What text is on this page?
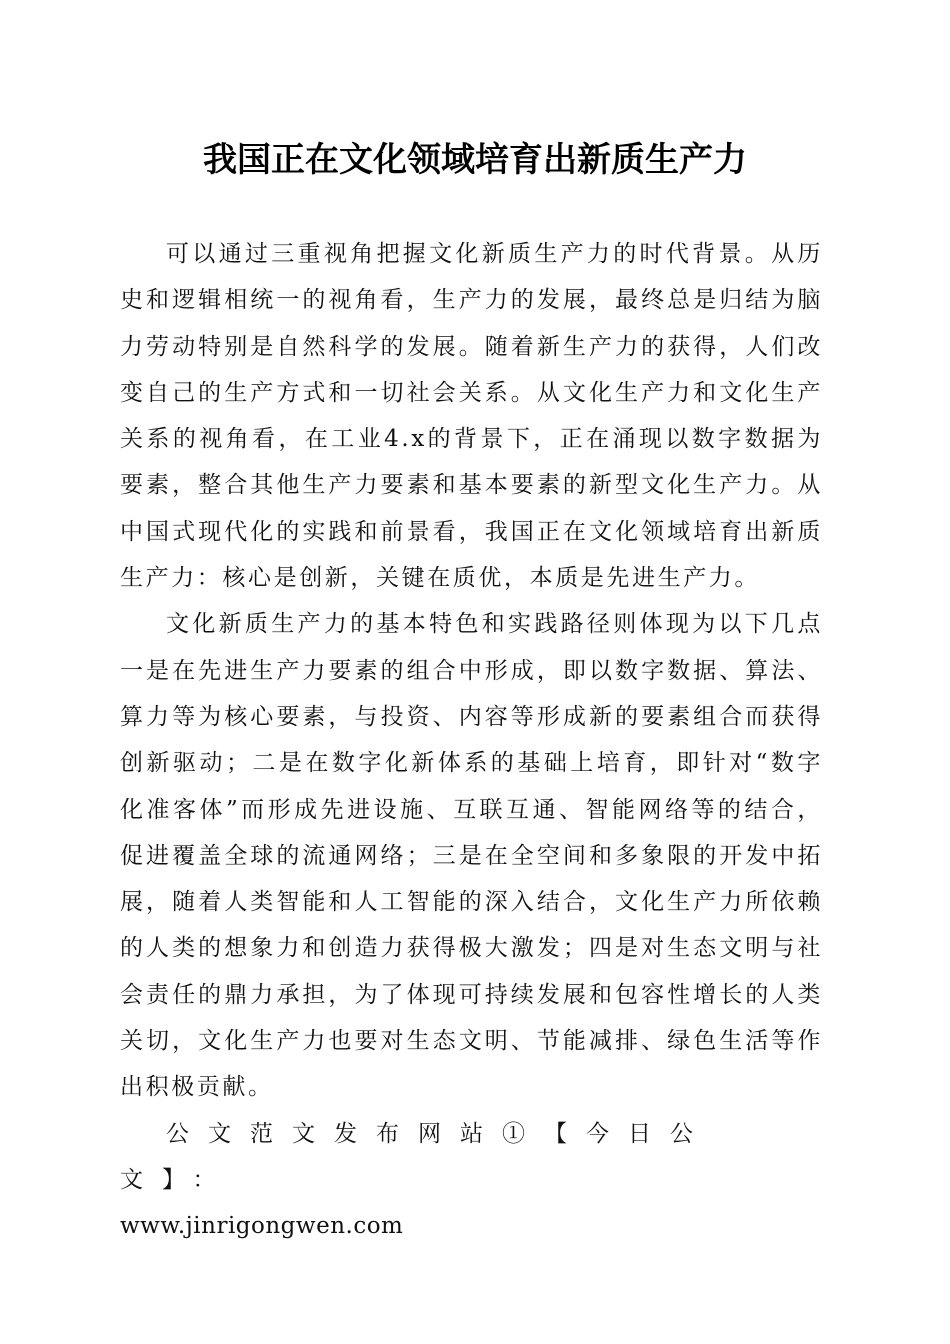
我国正在文化领域培育出新质生产力

可以通过三重视角把握文化新质生产力的时代背景。从历史和逻辑相统一的视角看，生产力的发展，最终总是归结为脑力劳动特别是自然科学的发展。随着新生产力的获得，人们改变自己的生产方式和一切社会关系。从文化生产力和文化生产关系的视角看，在工业4.x的背景下，正在涌现以数字数据为要素，整合其他生产力要素和基本要素的新型文化生产力。从中国式现代化的实践和前景看，我国正在文化领域培育出新质生产力：核心是创新，关键在质优，本质是先进生产力。

文化新质生产力的基本特色和实践路径则体现为以下几点一是在先进生产力要素的组合中形成，即以数字数据、算法、算力等为核心要素，与投资、内容等形成新的要素组合而获得创新驱动；二是在数字化新体系的基础上培育，即针对“数字化准客体”而形成先进设施、互联互通、智能网络等的结合，促进覆盖全球的流通网络；三是在全空间和多象限的开发中拓展，随着人类智能和人工智能的深入结合，文化生产力所依赖的人类的想象力和创造力获得极大激发；四是对生态文明与社会责任的鼎力承担，为了体现可持续发展和包容性增长的人类关切，文化生产力也要对生态文明、节能减排、绿色生活等作出积极贡献。

公文范文发布网站①【今日公文】：
www.jinrigongwen.com
